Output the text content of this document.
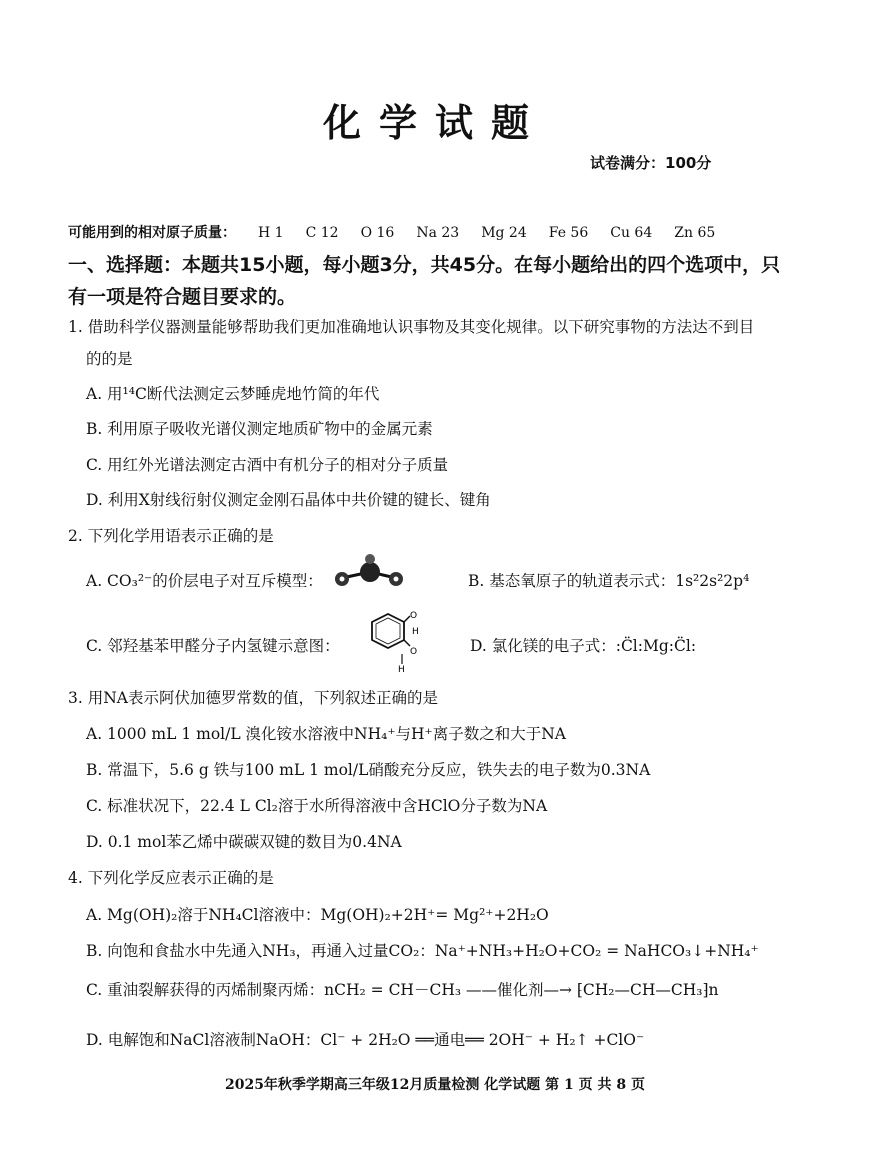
化学试题
试卷满分：100分
可能用到的相对原子质量： H 1 C 12 O 16 Na 23 Mg 24 Fe 56 Cu 64 Zn 65
一、选择题：本题共15小题，每小题3分，共45分。在每小题给出的四个选项中，只
有一项是符合题目要求的。
1. 借助科学仪器测量能够帮助我们更加准确地认识事物及其变化规律。以下研究事物的方法达不到目
的的是
A. 用¹⁴C断代法测定云梦睡虎地竹简的年代
B. 利用原子吸收光谱仪测定地质矿物中的金属元素
C. 用红外光谱法测定古酒中有机分子的相对分子质量
D. 利用X射线衍射仪测定金刚石晶体中共价键的键长、键角
2. 下列化学用语表示正确的是
A. CO₃²⁻的价层电子对互斥模型：	B. 基态氧原子的轨道表示式：1s²2s²2p⁴
C. 邻羟基苯甲醛分子内氢键示意图：
O
H
O
H
D. 氯化镁的电子式：:C̈l:Mg:C̈l:
3. 用NA表示阿伏加德罗常数的值，下列叙述正确的是
A. 1000 mL 1 mol/L 溴化铵水溶液中NH₄⁺与H⁺离子数之和大于NA
B. 常温下，5.6 g 铁与100 mL 1 mol/L硝酸充分反应，铁失去的电子数为0.3NA
C. 标准状况下，22.4 L Cl₂溶于水所得溶液中含HClO分子数为NA
D. 0.1 mol苯乙烯中碳碳双键的数目为0.4NA
4. 下列化学反应表示正确的是
A. Mg(OH)₂溶于NH₄Cl溶液中：Mg(OH)₂+2H⁺= Mg²⁺+2H₂O
B. 向饱和食盐水中先通入NH₃，再通入过量CO₂：Na⁺+NH₃+H₂O+CO₂ = NaHCO₃↓+NH₄⁺
C. 重油裂解获得的丙烯制聚丙烯：nCH₂ = CH－CH₃ ——催化剂—→ ⁅CH₂—CH—CH₃⁆n
D. 电解饱和NaCl溶液制NaOH：Cl⁻ + 2H₂O ══通电══ 2OH⁻ + H₂↑ +ClO⁻
2025年秋季学期高三年级12月质量检测 化学试题 第 1 页 共 8 页
